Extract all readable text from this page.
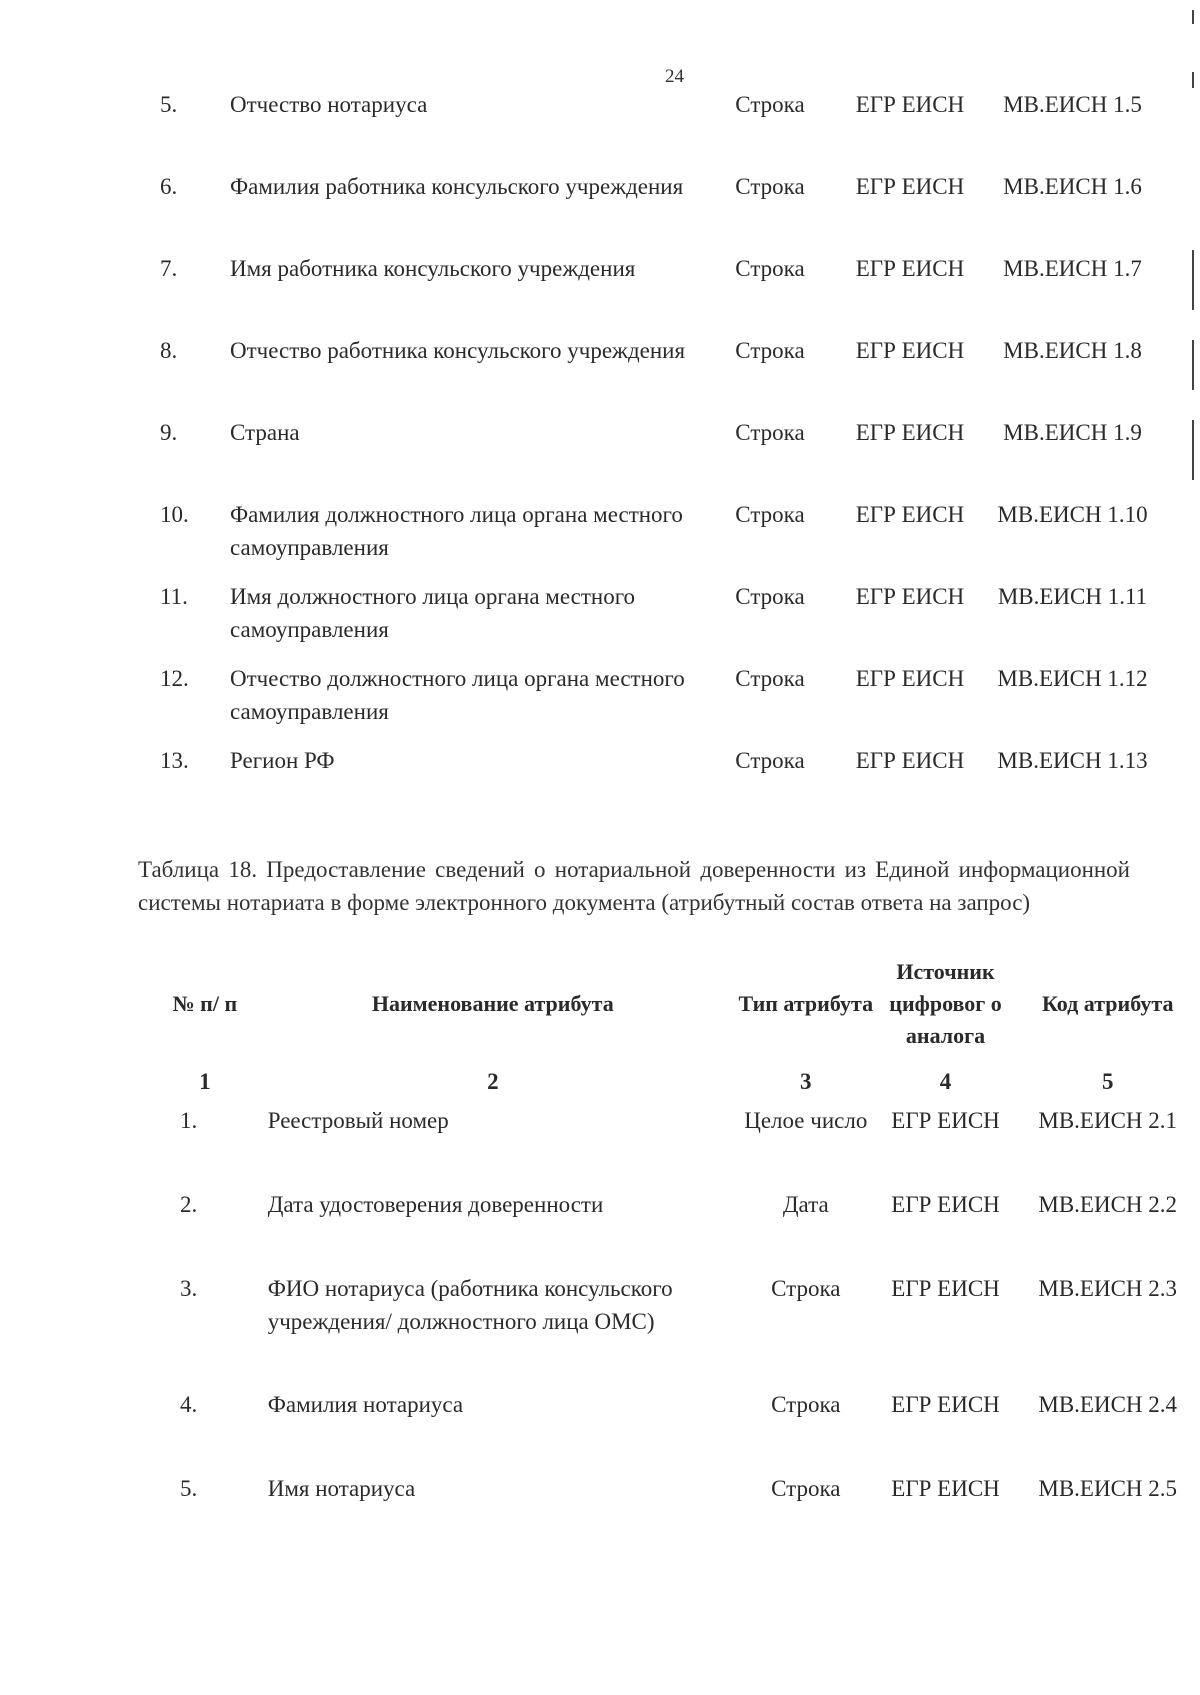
24
5.	Отчество нотариуса	Строка	ЕГР ЕИСН	МВ.ЕИСН 1.5
6.	Фамилия работника консульского учреждения	Строка	ЕГР ЕИСН	МВ.ЕИСН 1.6
7.	Имя работника консульского учреждения	Строка	ЕГР ЕИСН	МВ.ЕИСН 1.7
8.	Отчество работника консульского учреждения	Строка	ЕГР ЕИСН	МВ.ЕИСН 1.8
9.	Страна	Строка	ЕГР ЕИСН	МВ.ЕИСН 1.9
10.	Фамилия должностного лица органа местного самоуправления	Строка	ЕГР ЕИСН	МВ.ЕИСН 1.10
11.	Имя должностного лица органа местного самоуправления	Строка	ЕГР ЕИСН	МВ.ЕИСН 1.11
12.	Отчество должностного лица органа местного самоуправления	Строка	ЕГР ЕИСН	МВ.ЕИСН 1.12
13.	Регион РФ	Строка	ЕГР ЕИСН	МВ.ЕИСН 1.13

Таблица 18. Предоставление сведений о нотариальной доверенности из Единой информационной системы нотариата в форме электронного документа (атрибутный состав ответа на запрос)

№ п/ п	Наименование атрибута	Тип атрибута	Источник цифровог о аналога	Код атрибута
1	2	3	4	5
1.	Реестровый номер	Целое число	ЕГР ЕИСН	МВ.ЕИСН 2.1
2.	Дата удостоверения доверенности	Дата	ЕГР ЕИСН	МВ.ЕИСН 2.2
3.	ФИО нотариуса (работника консульского учреждения/ должностного лица ОМС)	Строка	ЕГР ЕИСН	МВ.ЕИСН 2.3
4.	Фамилия нотариуса	Строка	ЕГР ЕИСН	МВ.ЕИСН 2.4
5.	Имя нотариуса	Строка	ЕГР ЕИСН	МВ.ЕИСН 2.5
